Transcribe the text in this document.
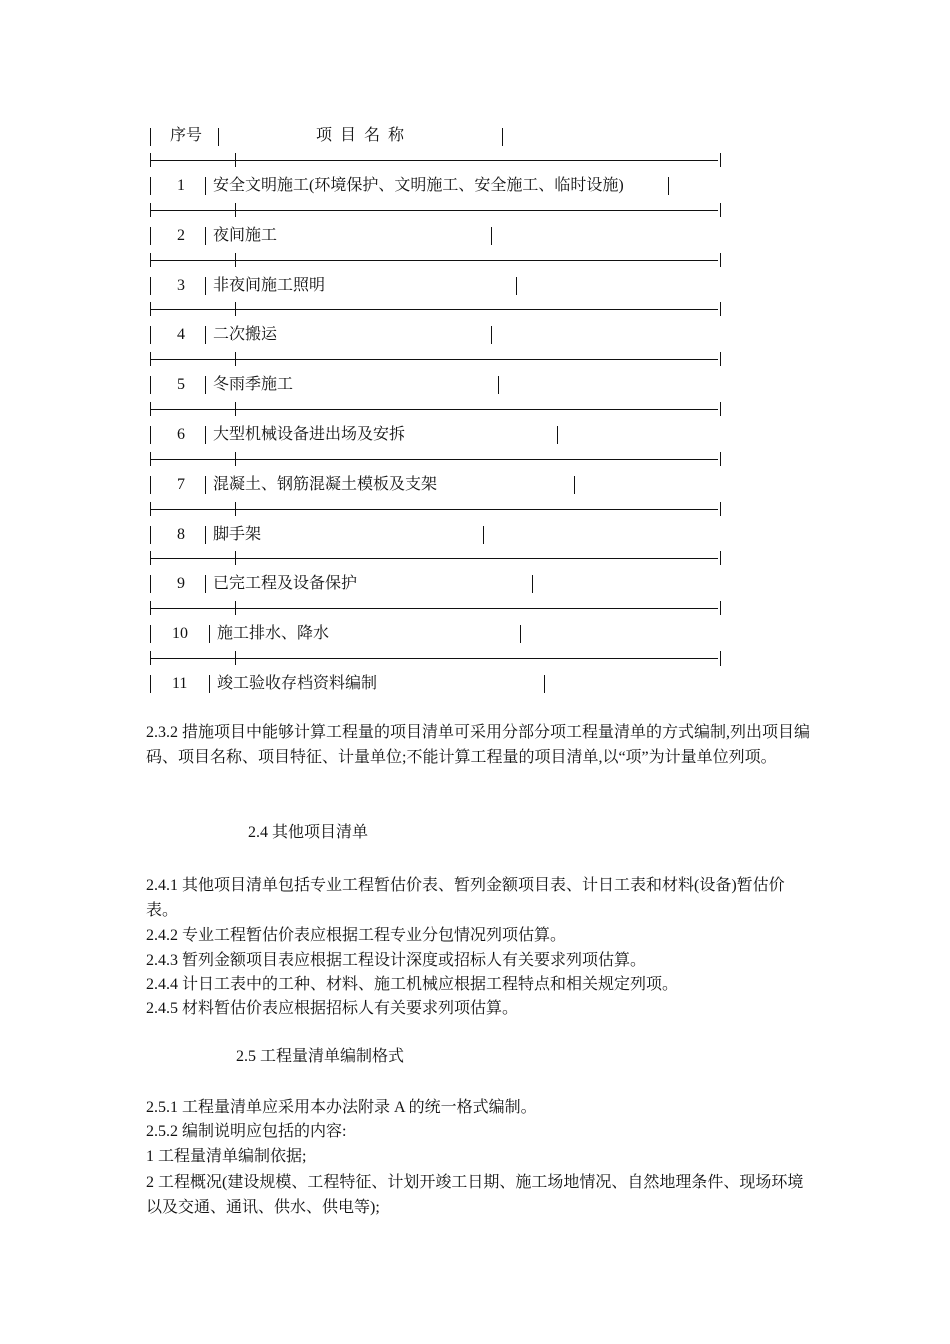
序号	项 目 名 称
1 安全文明施工(环境保护、文明施工、安全施工、临时设施)
2 夜间施工
3 非夜间施工照明
4 二次搬运
5 冬雨季施工
6 大型机械设备进出场及安拆
7 混凝土、钢筋混凝土模板及支架
8 脚手架
9 已完工程及设备保护
10 施工排水、降水
11 竣工验收存档资料编制
2.3.2 措施项目中能够计算工程量的项目清单可采用分部分项工程量清单的方式编制,列出项目编码、项目名称、项目特征、计量单位;不能计算工程量的项目清单,以“项”为计量单位列项。
2.4 其他项目清单
2.4.1 其他项目清单包括专业工程暂估价表、暂列金额项目表、计日工表和材料(设备)暂估价表。
2.4.2 专业工程暂估价表应根据工程专业分包情况列项估算。
2.4.3 暂列金额项目表应根据工程设计深度或招标人有关要求列项估算。
2.4.4 计日工表中的工种、材料、施工机械应根据工程特点和相关规定列项。
2.4.5 材料暂估价表应根据招标人有关要求列项估算。
2.5 工程量清单编制格式
2.5.1 工程量清单应采用本办法附录 A 的统一格式编制。
2.5.2 编制说明应包括的内容:
1 工程量清单编制依据;
2 工程概况(建设规模、工程特征、计划开竣工日期、施工场地情况、自然地理条件、现场环境以及交通、通讯、供水、供电等);
